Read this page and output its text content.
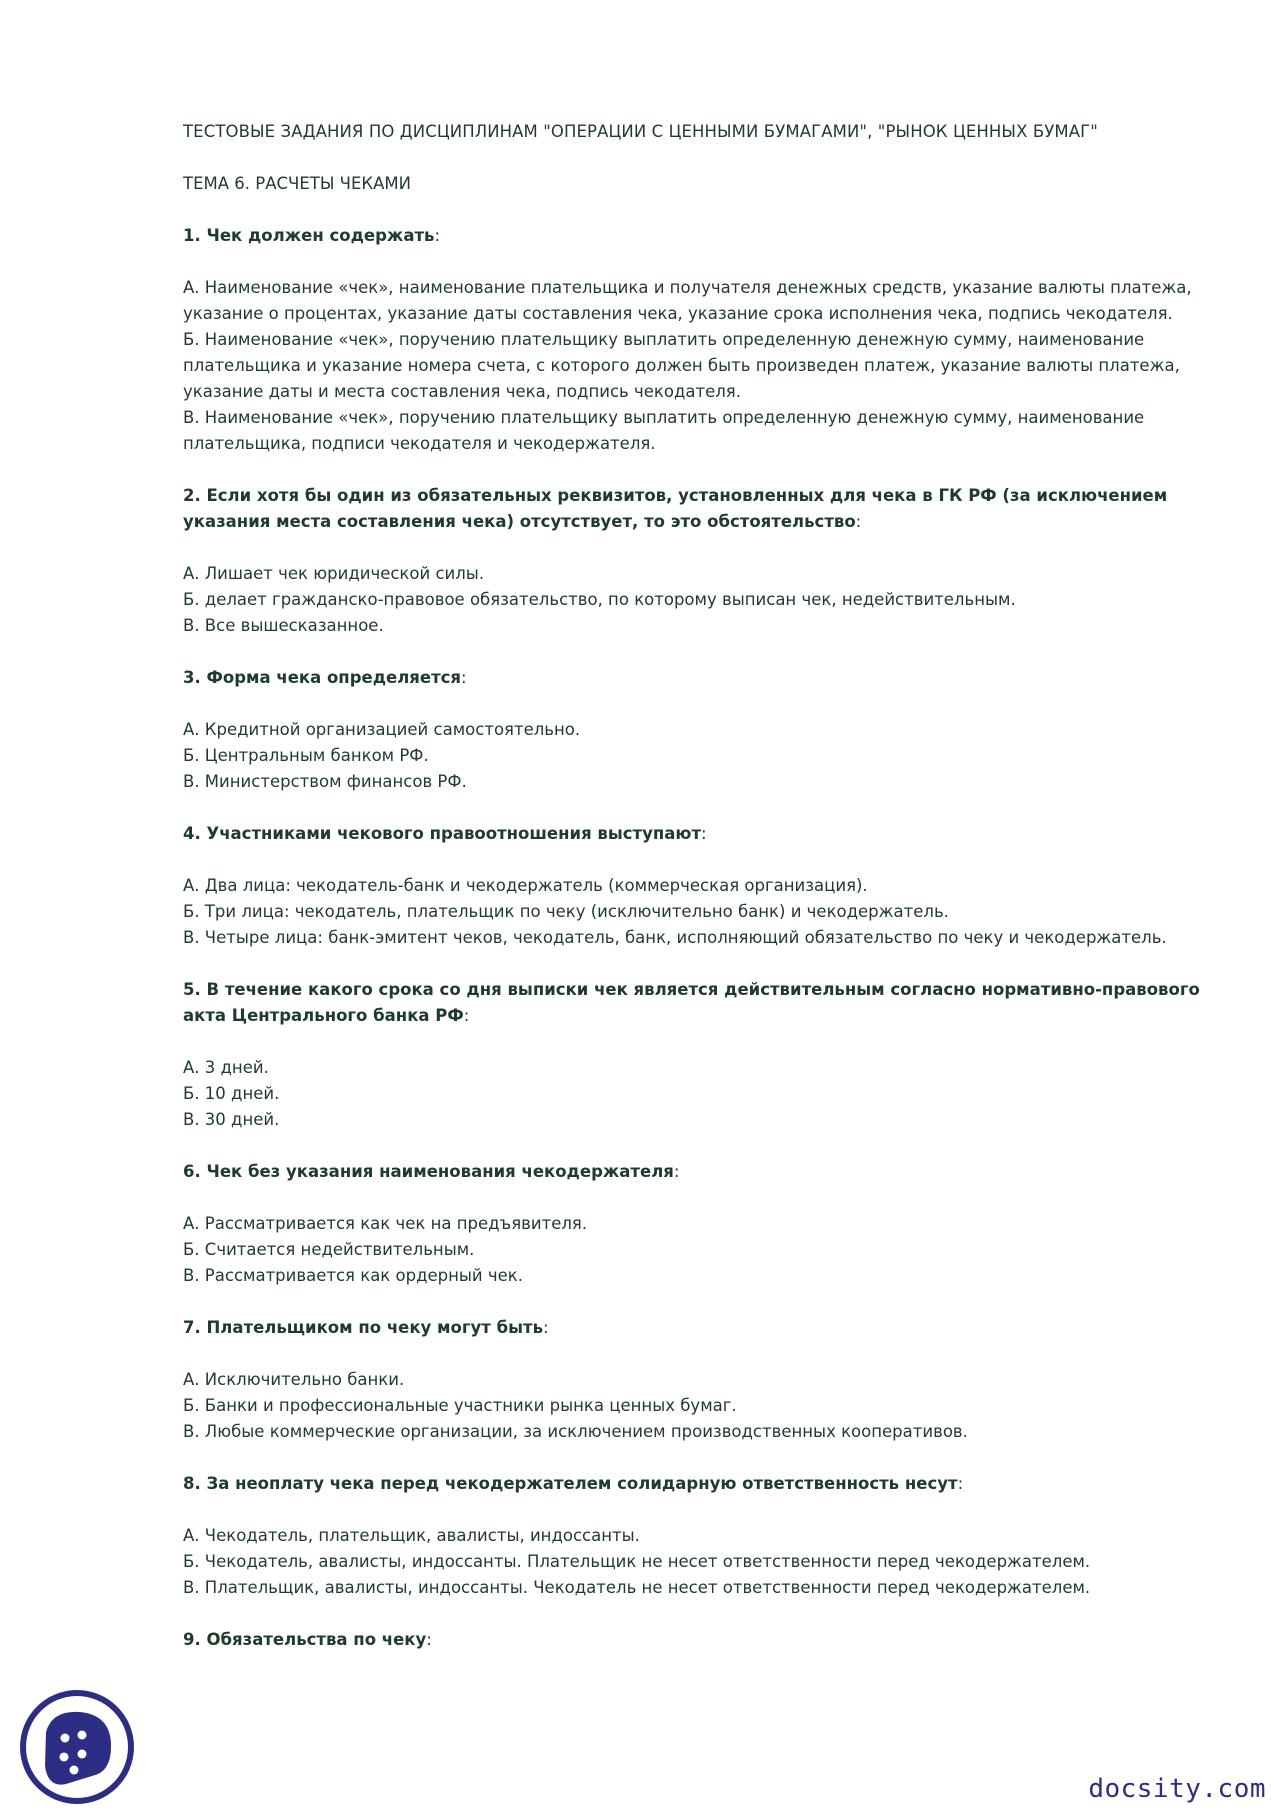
ТЕСТОВЫЕ ЗАДАНИЯ ПО ДИСЦИПЛИНАМ "ОПЕРАЦИИ С ЦЕННЫМИ БУМАГАМИ", "РЫНОК ЦЕННЫХ БУМАГ"

ТЕМА 6. РАСЧЕТЫ ЧЕКАМИ

1. Чек должен содержать:

А. Наименование «чек», наименование плательщика и получателя денежных средств, указание валюты платежа, указание о процентах, указание даты составления чека, указание срока исполнения чека, подпись чекодателя.

Б. Наименование «чек», поручению плательщику выплатить определенную денежную сумму, наименование плательщика и указание номера счета, с которого должен быть произведен платеж, указание валюты платежа, указание даты и места составления чека, подпись чекодателя.

В. Наименование «чек», поручению плательщику выплатить определенную денежную сумму, наименование плательщика, подписи чекодателя и чекодержателя.

2. Если хотя бы один из обязательных реквизитов, установленных для чека в ГК РФ (за исключением указания места составления чека) отсутствует, то это обстоятельство:

А. Лишает чек юридической силы.

Б. делает гражданско-правовое обязательство, по которому выписан чек, недействительным.

В. Все вышесказанное.

3. Форма чека определяется:

А. Кредитной организацией самостоятельно.

Б. Центральным банком РФ.

В. Министерством финансов РФ.

4. Участниками чекового правоотношения выступают:

А. Два лица: чекодатель-банк и чекодержатель (коммерческая организация).

Б. Три лица: чекодатель, плательщик по чеку (исключительно банк) и чекодержатель.

В. Четыре лица: банк-эмитент чеков, чекодатель, банк, исполняющий обязательство по чеку и чекодержатель.

5. В течение какого срока со дня выписки чек является действительным согласно нормативно-правового акта Центрального банка РФ:

А. 3 дней.

Б. 10 дней.

В. 30 дней.

6. Чек без указания наименования чекодержателя:

А. Рассматривается как чек на предъявителя.

Б. Считается недействительным.

В. Рассматривается как ордерный чек.

7. Плательщиком по чеку могут быть:

А. Исключительно банки.

Б. Банки и профессиональные участники рынка ценных бумаг.

В. Любые коммерческие организации, за исключением производственных кооперативов.

8. За неоплату чека перед чекодержателем солидарную ответственность несут:

А. Чекодатель, плательщик, авалисты, индоссанты.

Б. Чекодатель, авалисты, индоссанты. Плательщик не несет ответственности перед чекодержателем.

В. Плательщик, авалисты, индоссанты. Чекодатель не несет ответственности перед чекодержателем.

9. Обязательства по чеку:

docsity.com
